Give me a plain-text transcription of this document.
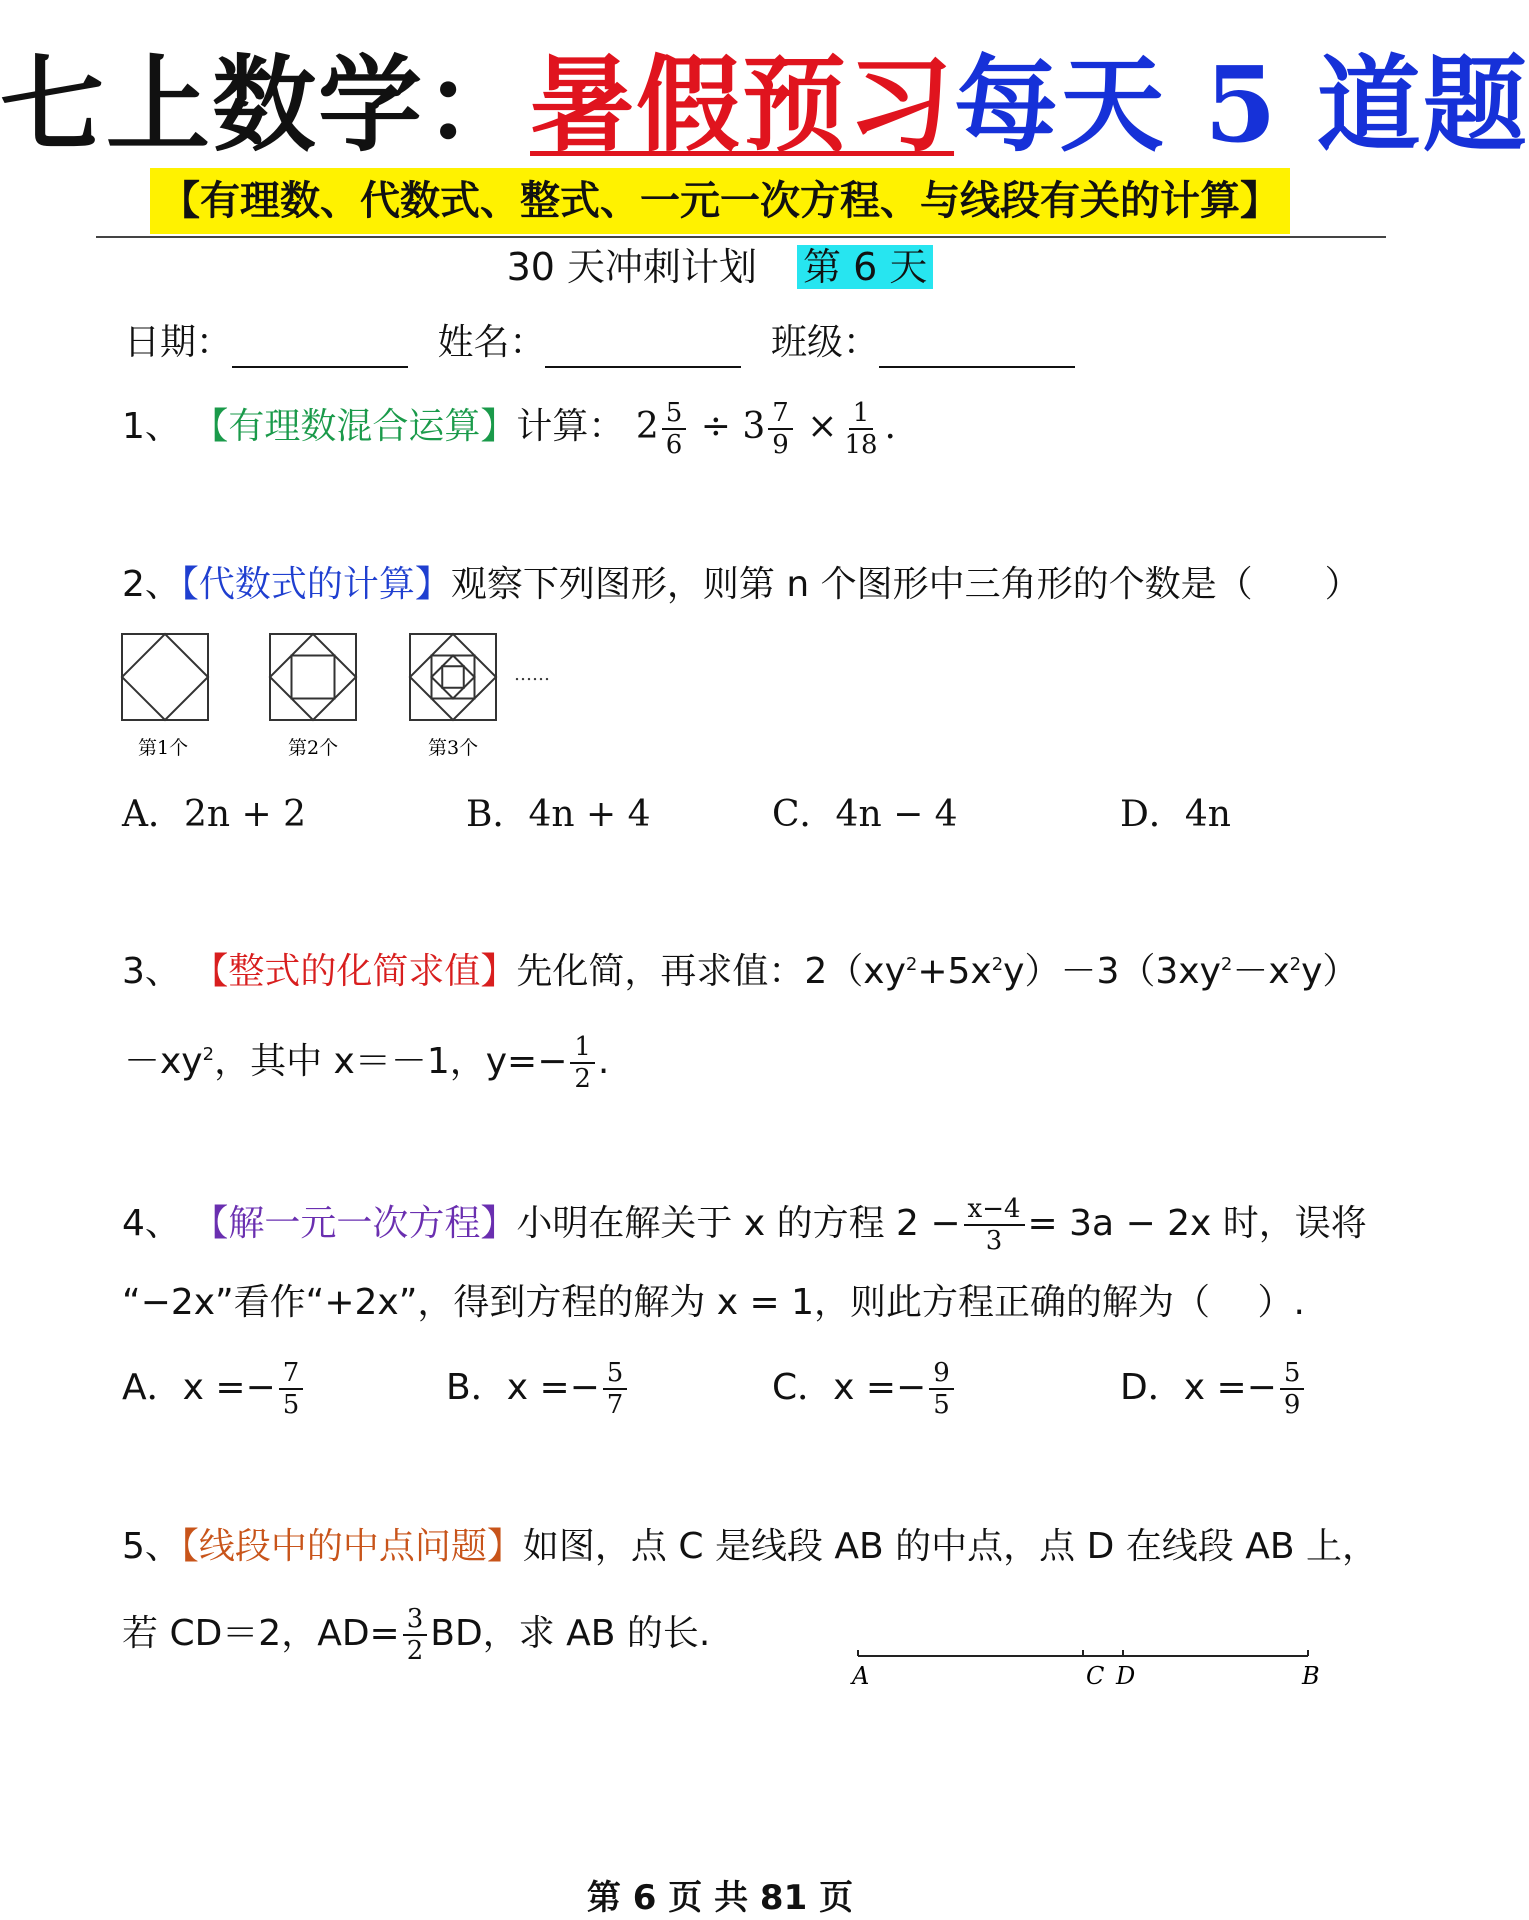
七上数学：暑假预习每天 5 道题
【有理数、代数式、整式、一元一次方程、与线段有关的计算】
30 天冲刺计划 第 6 天
日期：	姓名：	班级：
1、 【有理数混合运算】计算： $2 \frac{5}{6} \div 3 \frac{7}{9} \times \frac{1}{18}$ .
2、【代数式的计算】观察下列图形，则第 n 个图形中三角形的个数是（　　）
……
第1个	第2个	第3个
A．2n + 2	B．4n + 4	C．4n − 4	D．4n
3、 【整式的化简求值】先化简，再求值：$2(xy^2+5x^2y)-3(3xy^2-x^2y)$
$-xy^2$，其中 x＝－1，$y=- \frac{1}{2}$ .
4、 【解一元一次方程】小明在解关于 x 的方程 $2 - \frac{x-4}{3} = 3a - 2x$ 时，误将
“−2x”看作“+2x”，得到方程的解为 x = 1，则此方程正确的解为（　 ）.
A．$x =- \frac{7}{5}$	B．$x =- \frac{5}{7}$	C．$x =- \frac{9}{5}$	D．$x =- \frac{5}{9}$
5、【线段中的中点问题】如图，点 C 是线段 AB 的中点，点 D 在线段 AB 上，
若 CD＝2，$AD= \frac{3}{2}$ BD，求 AB 的长.
A	C D	B
第 6 页 共 81 页
